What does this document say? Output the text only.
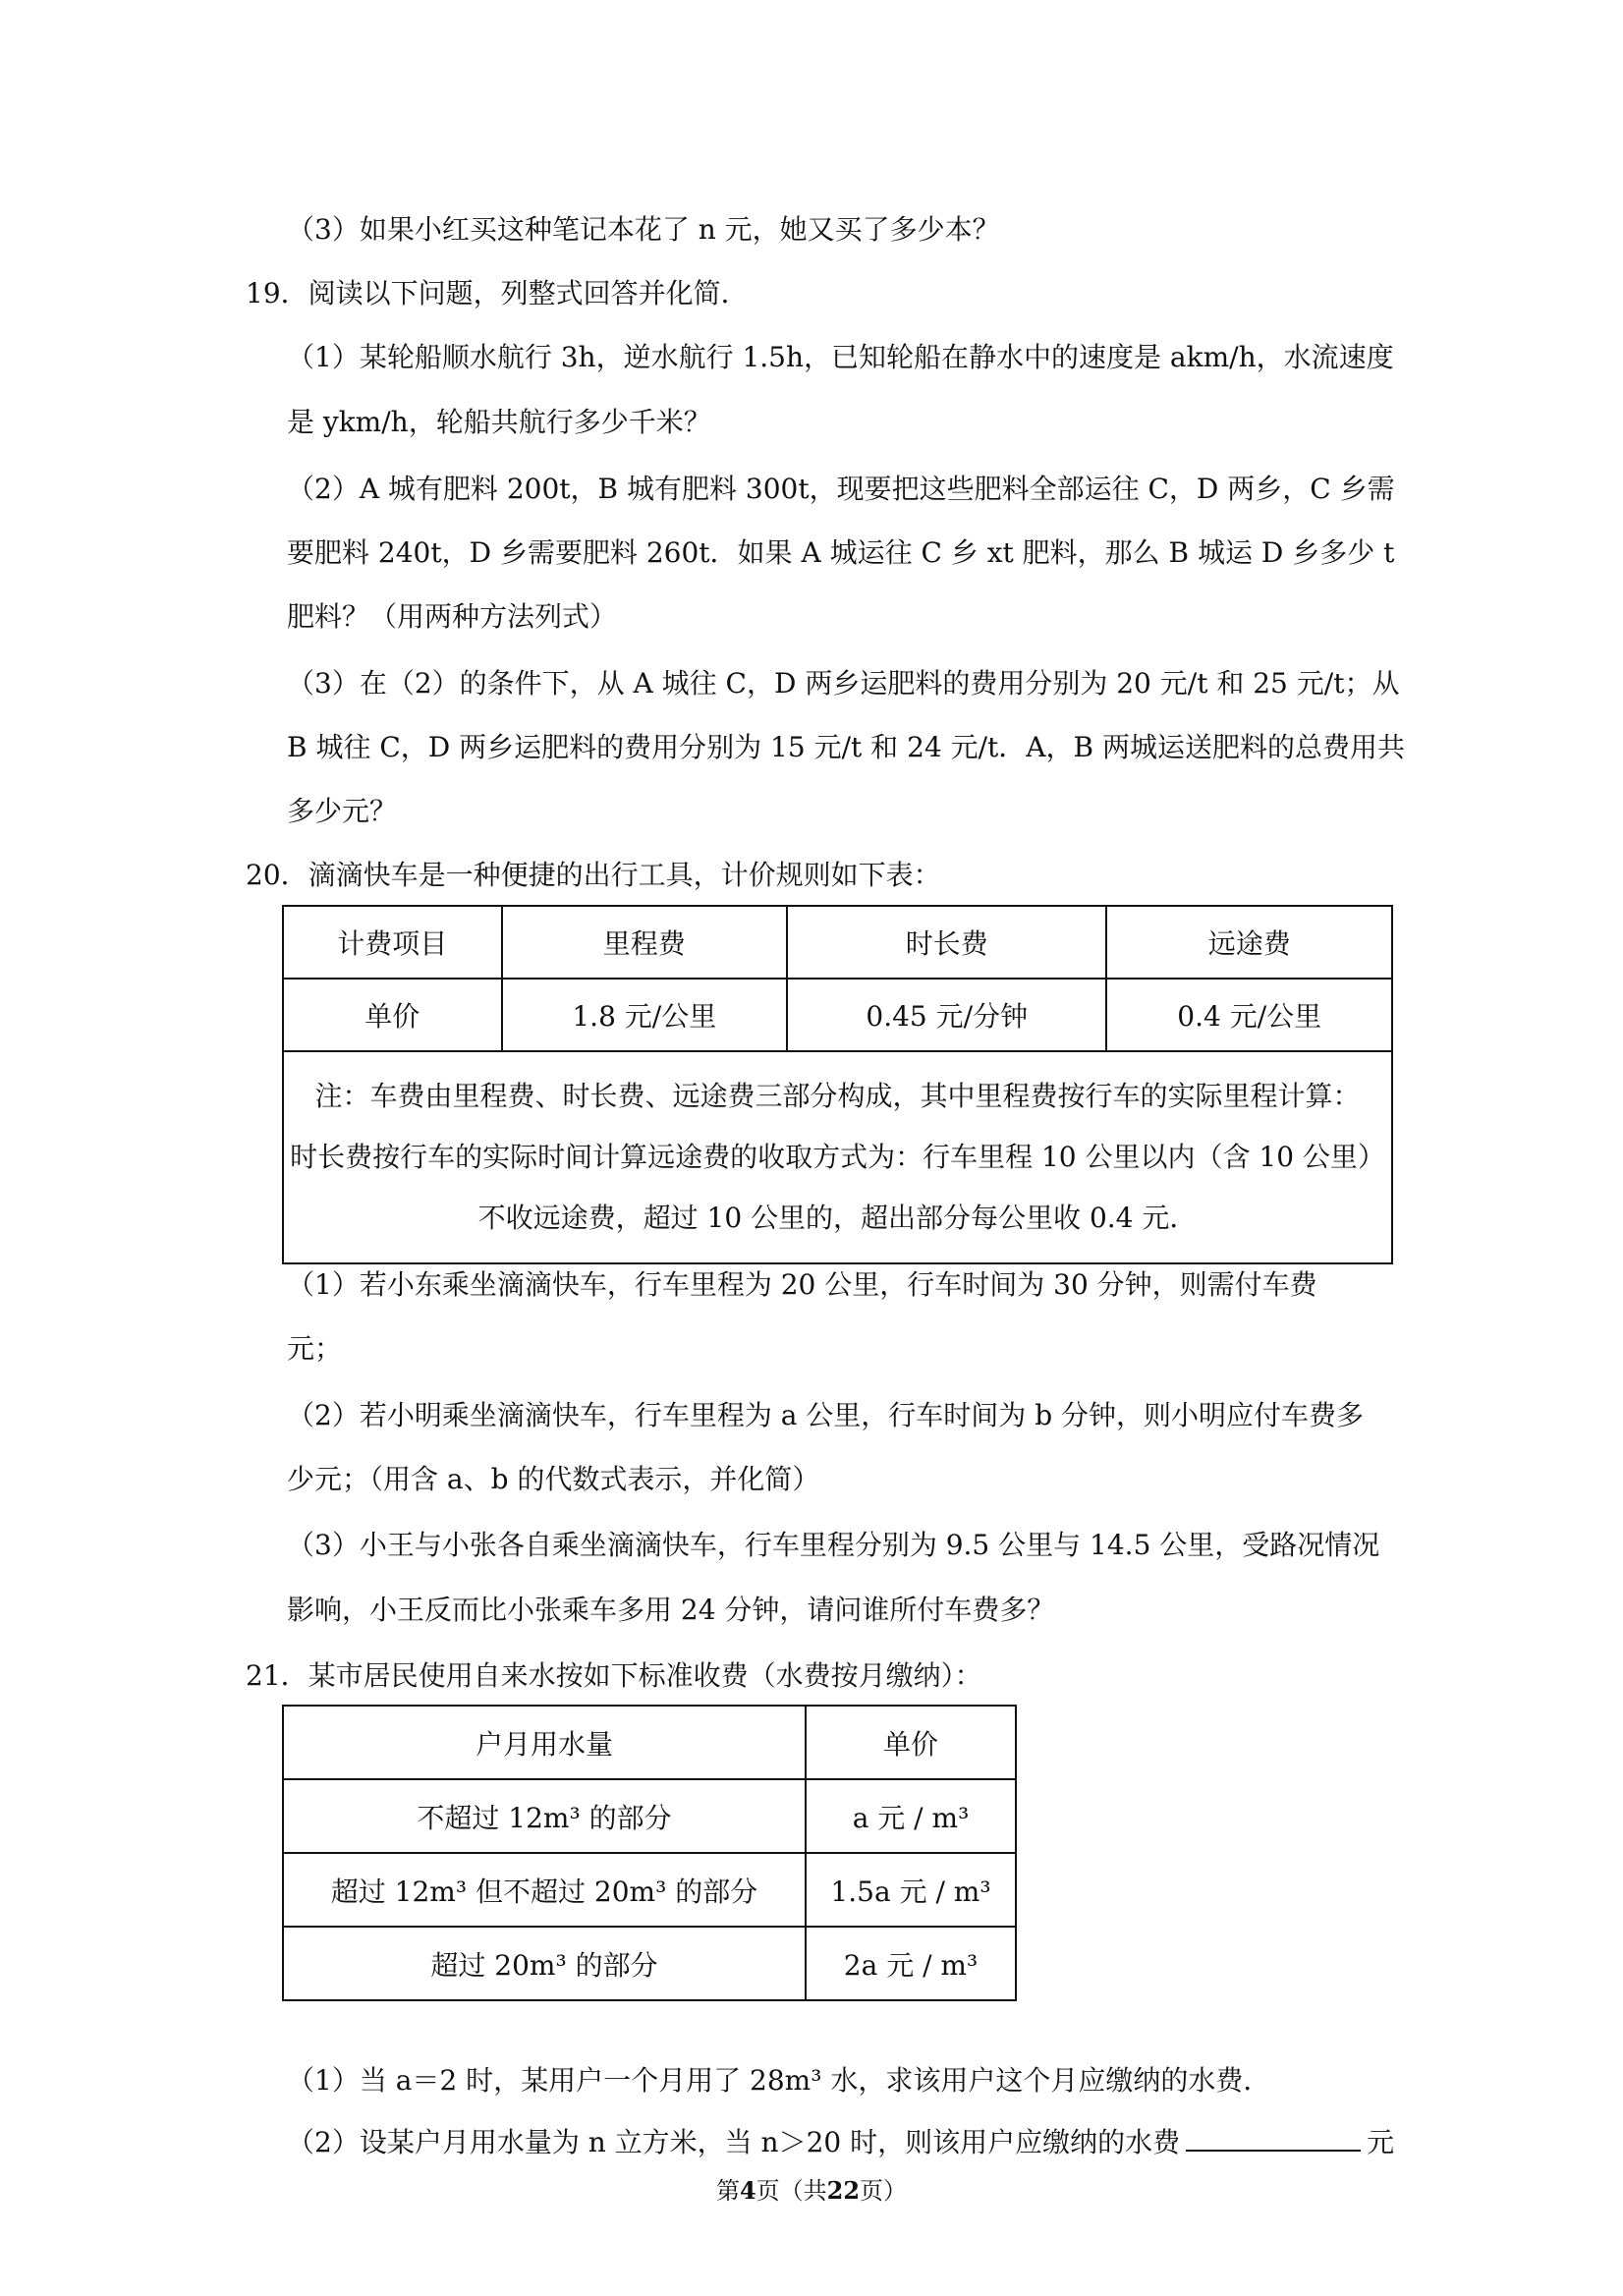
（3）如果小红买这种笔记本花了 n 元，她又买了多少本？
19．阅读以下问题，列整式回答并化简．
（1）某轮船顺水航行 3h，逆水航行 1.5h，已知轮船在静水中的速度是 akm/h，水流速度
是 ykm/h，轮船共航行多少千米？
（2）A 城有肥料 200t，B 城有肥料 300t，现要把这些肥料全部运往 C，D 两乡，C 乡需
要肥料 240t，D 乡需要肥料 260t．如果 A 城运往 C 乡 xt 肥料，那么 B 城运 D 乡多少 t
肥料？（用两种方法列式）
（3）在（2）的条件下，从 A 城往 C，D 两乡运肥料的费用分别为 20 元/t 和 25 元/t；从
B 城往 C，D 两乡运肥料的费用分别为 15 元/t 和 24 元/t．A，B 两城运送肥料的总费用共
多少元？
20．滴滴快车是一种便捷的出行工具，计价规则如下表：
计费项目	里程费	时长费	远途费
单价	1.8 元/公里	0.45 元/分钟	0.4 元/公里

注：车费由里程费、时长费、远途费三部分构成，其中里程费按行车的实际里程计算：
时长费按行车的实际时间计算远途费的收取方式为：行车里程 10 公里以内（含 10 公里）
不收远途费，超过 10 公里的，超出部分每公里收 0.4 元．			
（1）若小东乘坐滴滴快车，行车里程为 20 公里，行车时间为 30 分钟，则需付车费
元；
（2）若小明乘坐滴滴快车，行车里程为 a 公里，行车时间为 b 分钟，则小明应付车费多
少元；（用含 a、b 的代数式表示，并化简）
（3）小王与小张各自乘坐滴滴快车，行车里程分别为 9.5 公里与 14.5 公里，受路况情况
影响，小王反而比小张乘车多用 24 分钟，请问谁所付车费多？
21．某市居民使用自来水按如下标准收费（水费按月缴纳）：
户月用水量	单价
不超过 12m³ 的部分	a 元 / m³
超过 12m³ 但不超过 20m³ 的部分	1.5a 元 / m³
超过 20m³ 的部分	2a 元 / m³
（1）当 a＝2 时，某用户一个月用了 28m³ 水，求该用户这个月应缴纳的水费．
（2）设某户月用水量为 n 立方米，当 n＞20 时，则该用户应缴纳的水费	元
第4页（共22页）
